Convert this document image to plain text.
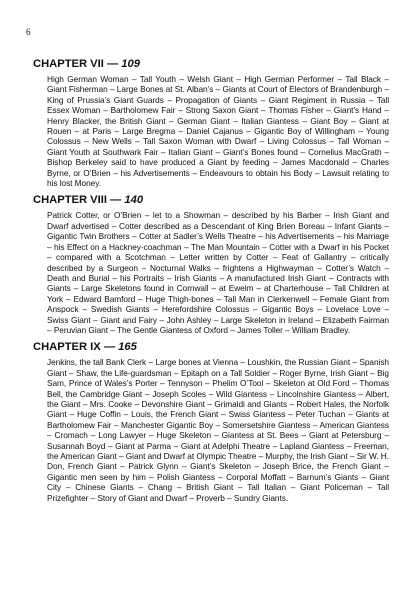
6
CHAPTER VII — 109

High German Woman – Tall Youth – Welsh Giant – High German Performer – Tall Black – Giant Fisherman – Large Bones at St. Alban’s – Giants at Court of Electors of Brandenburgh – King of Prussia’s Giant Guards – Propagation of Giants – Giant Regiment in Russia – Tall Essex Woman – Bartholomew Fair – Strong Saxon Giant – Thomas Fisher – Giant’s Hand – Henry Blacker, the British Giant – German Giant – Italian Giantess – Giant Boy – Giant at Rouen – at Paris – Large Bregma – Daniel Cajanus – Gigantic Boy of Willingham – Young Colossus – New Wells – Tall Saxon Woman with Dwarf – Living Colossus – Tall Woman – Giant Youth at Southwark Fair – Italian Giant – Giant’s Bones found – Cornelius MacGrath – Bishop Berkeley said to have produced a Giant by feeding – James Macdonald – Charles Byrne, or O’Brien – his Advertisements – Endeavours to obtain his Body – Lawsuit relating to his lost Money.

CHAPTER VIII — 140

Patrick Cotter, or O’Brien – let to a Showman – described by his Barber – Irish Giant and Dwarf advertised – Cotter described as a Descendant of King Brien Boreau – Infant Giants – Gigantic Twin Brothers – Cotter at Sadler’s Wells Theatre – his Advertisements – his Marriage – his Effect on a Hackney-coachman – The Man Mountain – Cotter with a Dwarf in his Pocket – compared with a Scotchman – Letter written by Cotter – Feat of Gallantry – critically described by a Surgeon – Nocturnal Walks – frightens a Highwayman – Cotter’s Watch – Death and Burial – his Portraits – Irish Giants – A manufactured Irish Giant – Contracts with Giants – Large Skeletons found in Cornwall – at Ewelm – at Charterhouse – Tall Children at York – Edward Bamford – Huge Thigh-bones – Tall Man in Clerkenwell – Female Giant from Anspock – Swedish Giants – Herefordshire Colossus – Gigantic Boys – Lovelace Love – Swiss Giant – Giant and Fairy – John Ashley – Large Skeleton in Ireland – Elizabeth Fairman – Peruvian Giant – The Gentle Giantess of Oxford – James Toller – William Bradley.

CHAPTER IX — 165

Jenkins, the tall Bank Clerk – Large bones at Vienna – Loushkin, the Russian Giant – Spanish Giant – Shaw, the Life-guardsman – Epitaph on a Tall Soldier – Roger Byrne, Irish Giant – Big Sam, Prince of Wales’s Porter – Tennyson – Phelim O’Tool – Skeleton at Old Ford – Thomas Bell, the Cambridge Giant – Joseph Scoles – Wild Giantess – Lincolnshire Giantess – Albert, the Giant – Mrs. Cooke – Devonshire Giant – Grimaldi and Giants – Robert Hales, the Norfolk Giant – Huge Coffin – Louis, the French Giant – Swiss Giantess – Peter Tuchan – Giants at Bartholomew Fair – Manchester Gigantic Boy – Somersetshire Giantess – American Giantess – Cromach – Long Lawyer – Huge Skeleton – Giantess at St. Bees – Giant at Petersburg – Susannah Boyd – Giant at Parma – Giant at Adelphi Theatre – Lapland Giantess – Freeman, the American Giant – Giant and Dwarf at Olympic Theatre – Murphy, the Irish Giant – Sir W. H. Don, French Giant – Patrick Glynn – Giant’s Skeleton – Joseph Brice, the French Giant – Gigantic men seen by him – Polish Giantess – Corporal Moffatt – Barnum’s Giants – Giant City – Chinese Giants – Chang – British Giant – Tall Italian – Giant Policeman – Tall Prizefighter – Story of Giant and Dwarf – Proverb – Sundry Giants.
